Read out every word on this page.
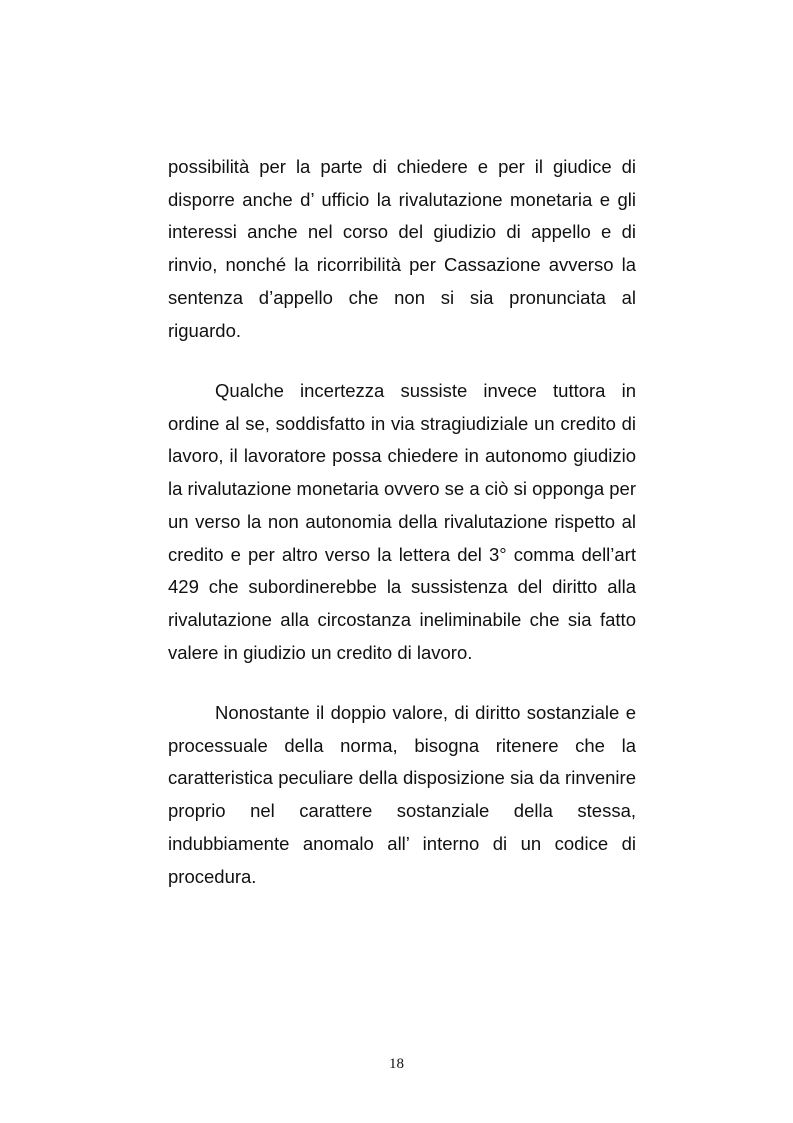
possibilità per la parte di chiedere e per il giudice di disporre anche d’ ufficio la rivalutazione monetaria e gli interessi anche nel corso del giudizio di appello e di rinvio, nonché la ricorribilità per Cassazione avverso la sentenza d’appello che non si sia pronunciata al riguardo.

Qualche incertezza sussiste invece tuttora in ordine al se, soddisfatto in via stragiudiziale un credito di lavoro, il lavoratore possa chiedere in autonomo giudizio la rivalutazione monetaria ovvero se a ciò si opponga per un verso la non autonomia della rivalutazione rispetto al credito e per altro verso la lettera del 3° comma dell’art 429 che subordinerebbe la sussistenza del diritto alla rivalutazione alla circostanza ineliminabile che sia fatto valere in giudizio un credito di lavoro.

Nonostante il doppio valore, di diritto sostanziale e processuale della norma, bisogna ritenere che la caratteristica peculiare della disposizione sia da rinvenire proprio nel carattere sostanziale della stessa, indubbiamente anomalo all’ interno di un codice di procedura.

18
